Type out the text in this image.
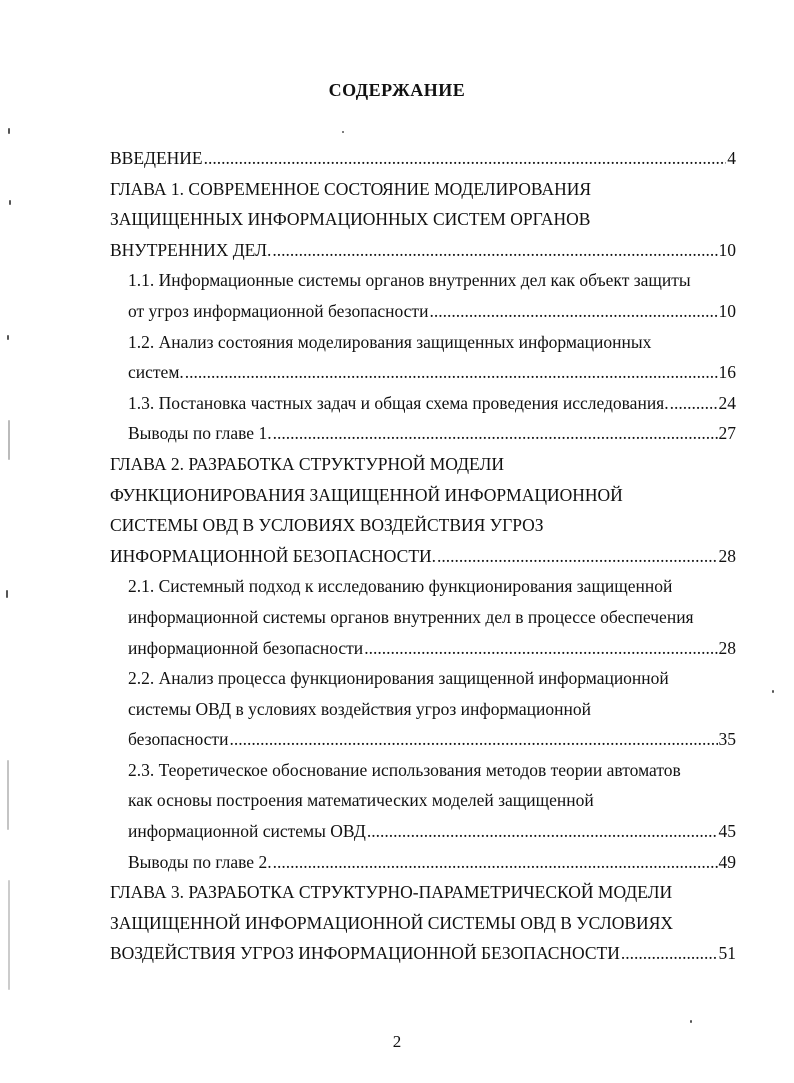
СОДЕРЖАНИЕ
ВВЕДЕНИЕ .....	4
ГЛАВА 1. СОВРЕМЕННОЕ СОСТОЯНИЕ МОДЕЛИРОВАНИЯ
ЗАЩИЩЕННЫХ ИНФОРМАЦИОННЫХ СИСТЕМ ОРГАНОВ
ВНУТРЕННИХ ДЕЛ. .....	10
1.1. Информационные системы органов внутренних дел как объект защиты
от угроз информационной безопасности .....	10
1.2. Анализ состояния моделирования защищенных информационных
систем. .....	16
1.3. Постановка частных задач и общая схема проведения исследования. .....	24
Выводы по главе 1. .....	27
ГЛАВА 2. РАЗРАБОТКА СТРУКТУРНОЙ МОДЕЛИ
ФУНКЦИОНИРОВАНИЯ ЗАЩИЩЕННОЙ ИНФОРМАЦИОННОЙ
СИСТЕМЫ ОВД В УСЛОВИЯХ ВОЗДЕЙСТВИЯ УГРОЗ
ИНФОРМАЦИОННОЙ БЕЗОПАСНОСТИ. .....	28
2.1. Системный подход к исследованию функционирования защищенной
информационной системы органов внутренних дел в процессе обеспечения
информационной безопасности .....	28
2.2. Анализ процесса функционирования защищенной информационной
системы ОВД в условиях воздействия угроз информационной
безопасности .....	35
2.3. Теоретическое обоснование использования методов теории автоматов
как основы построения математических моделей защищенной
информационной системы ОВД .....	45
Выводы по главе 2. .....	49
ГЛАВА 3. РАЗРАБОТКА СТРУКТУРНО-ПАРАМЕТРИЧЕСКОЙ МОДЕЛИ
ЗАЩИЩЕННОЙ ИНФОРМАЦИОННОЙ СИСТЕМЫ ОВД В УСЛОВИЯХ
ВОЗДЕЙСТВИЯ УГРОЗ ИНФОРМАЦИОННОЙ БЕЗОПАСНОСТИ .....	51
2
